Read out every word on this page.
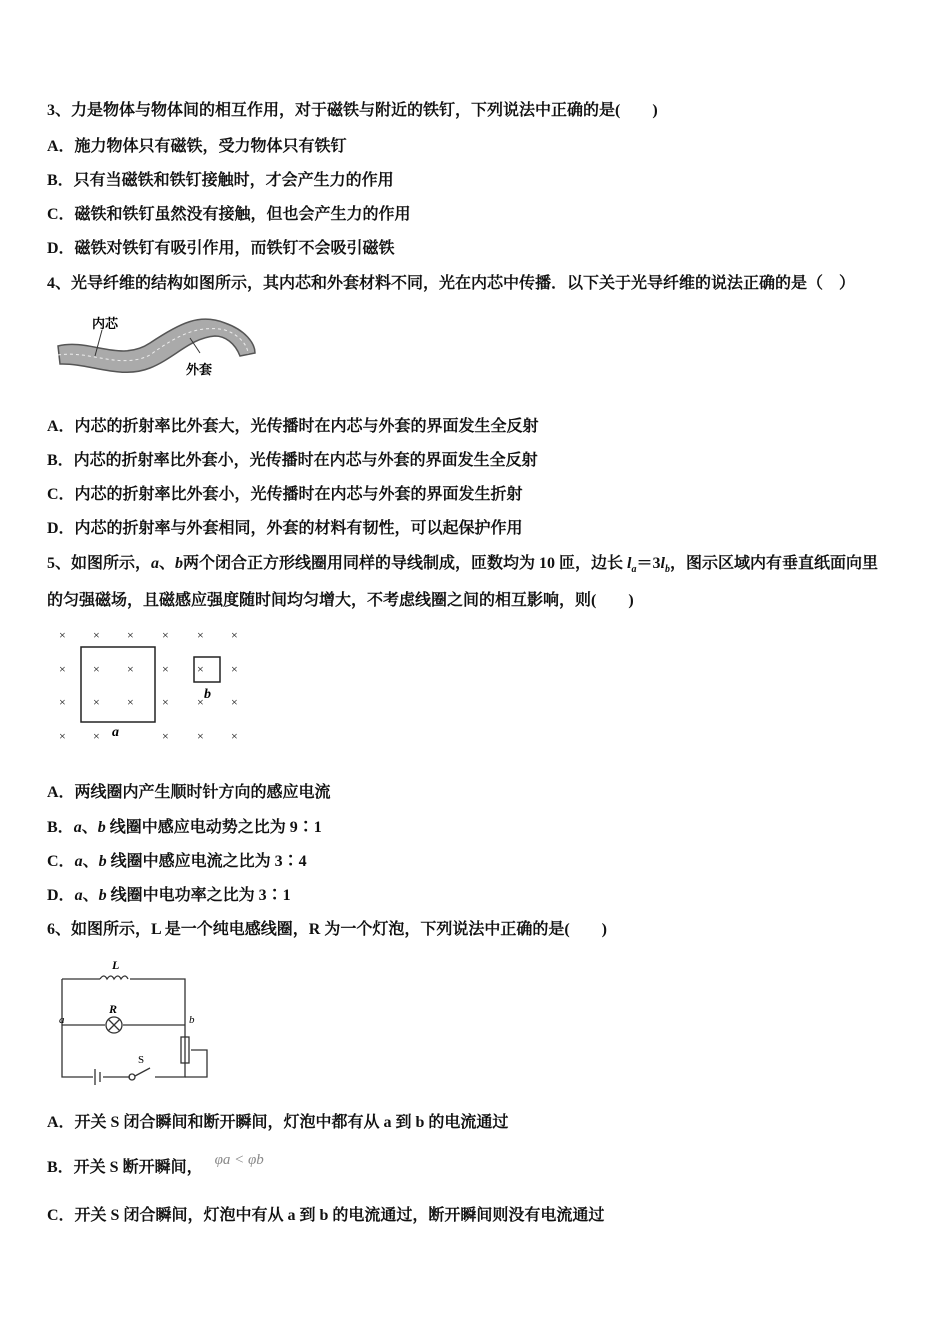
3、力是物体与物体间的相互作用，对于磁铁与附近的铁钉，下列说法中正确的是(　　)
A．施力物体只有磁铁，受力物体只有铁钉
B．只有当磁铁和铁钉接触时，才会产生力的作用
C．磁铁和铁钉虽然没有接触，但也会产生力的作用
D．磁铁对铁钉有吸引作用，而铁钉不会吸引磁铁
4、光导纤维的结构如图所示，其内芯和外套材料不同，光在内芯中传播．以下关于光导纤维的说法正确的是（　）
内芯
外套
A．内芯的折射率比外套大，光传播时在内芯与外套的界面发生全反射
B．内芯的折射率比外套小，光传播时在内芯与外套的界面发生全反射
C．内芯的折射率比外套小，光传播时在内芯与外套的界面发生折射
D．内芯的折射率与外套相同，外套的材料有韧性，可以起保护作用
5、如图所示，a、b两个闭合正方形线圈用同样的导线制成，匝数均为 10 匝，边长 $l_a=3l_b$，图示区域内有垂直纸面向里
的匀强磁场，且磁感应强度随时间均匀增大，不考虑线圈之间的相互影响，则(　　)
a
b
× × × × × ×
× × × × × ×
× × × × × ×
× ×	× × ×
A．两线圈内产生顺时针方向的感应电流
B．a、b 线圈中感应电动势之比为 9∶1
C．a、b 线圈中感应电流之比为 3∶4
D．a、b 线圈中电功率之比为 3∶1
6、如图所示，L 是一个纯电感线圈，R 为一个灯泡，下列说法中正确的是(　　)
L
R
a	b
S
A．开关 S 闭合瞬间和断开瞬间，灯泡中都有从 a 到 b 的电流通过
B．开关 S 断开瞬间， φa < φb
C．开关 S 闭合瞬间，灯泡中有从 a 到 b 的电流通过，断开瞬间则没有电流通过
